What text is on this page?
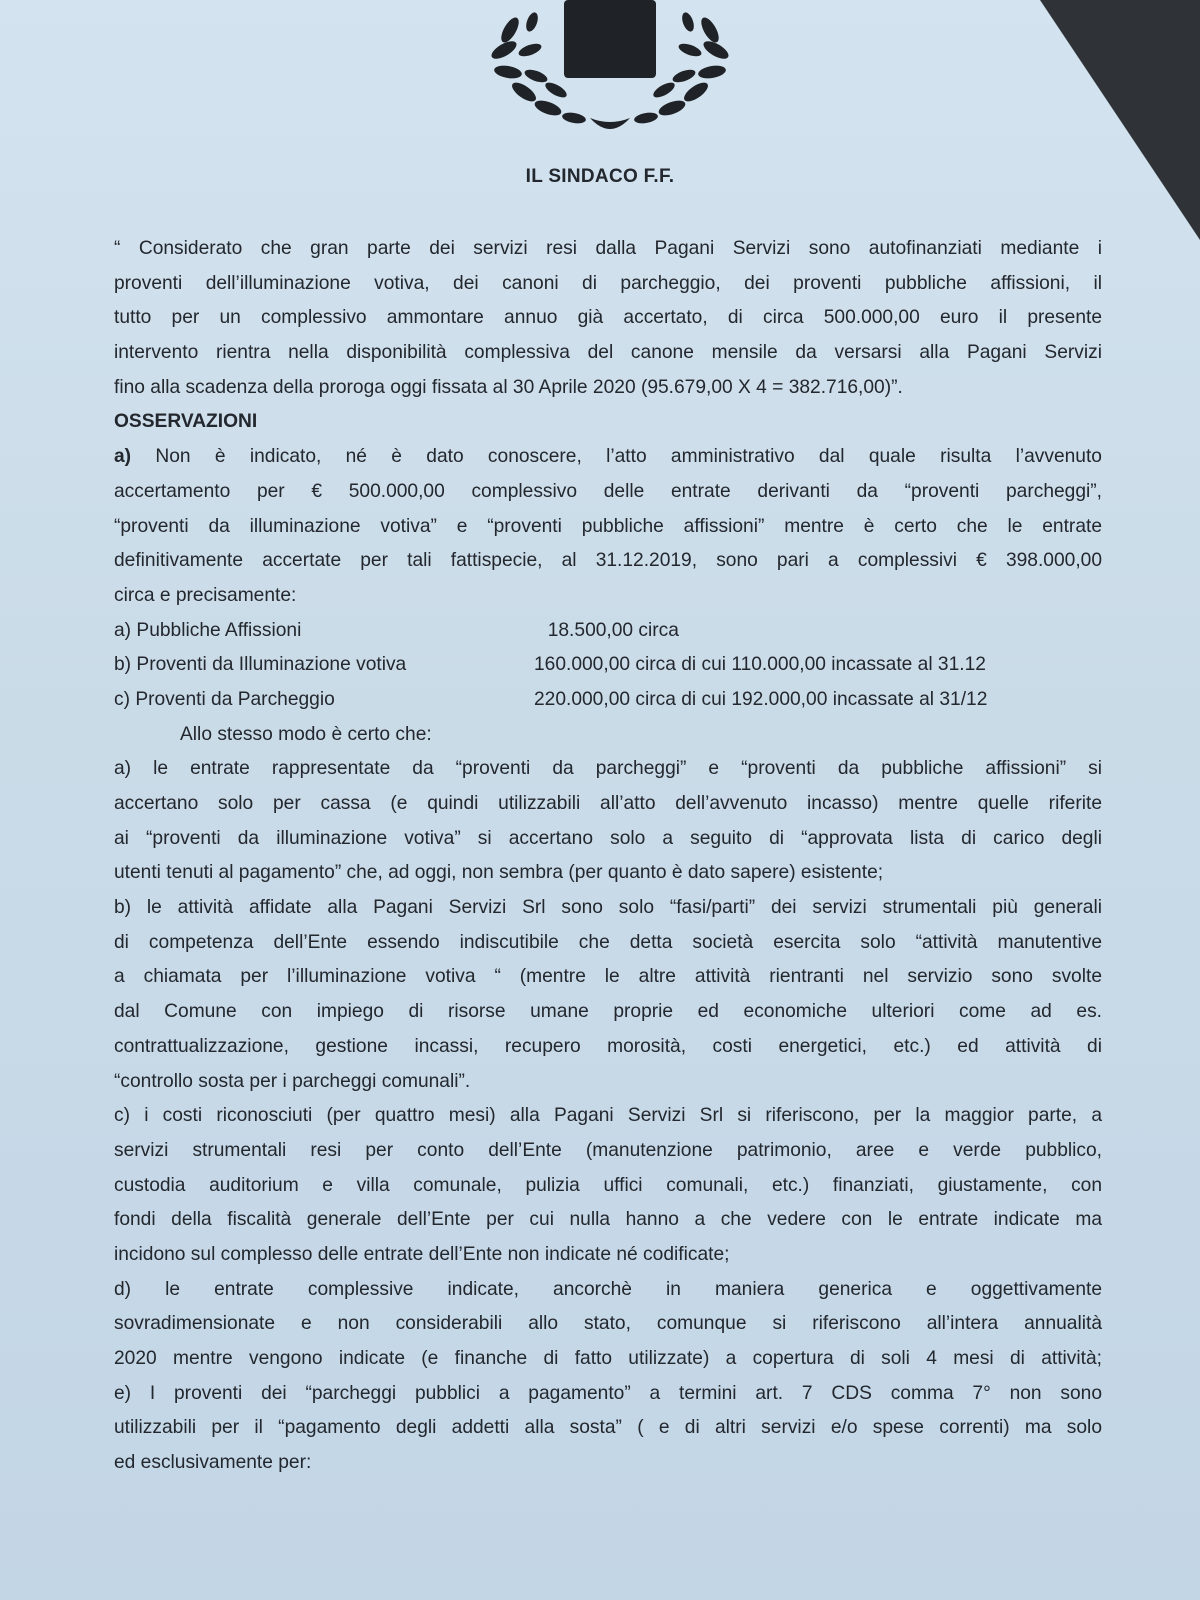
IL SINDACO F.F.
“ Considerato che gran parte dei servizi resi dalla Pagani Servizi sono autofinanziati mediante i
proventi dell’illuminazione votiva, dei canoni di parcheggio, dei proventi pubbliche affissioni, il
tutto per un complessivo ammontare annuo già accertato, di circa 500.000,00 euro il presente
intervento rientra nella disponibilità complessiva del canone mensile da versarsi alla Pagani Servizi
fino alla scadenza della proroga oggi fissata al 30 Aprile 2020 (95.679,00 X 4 = 382.716,00)”.
OSSERVAZIONI
a) Non è indicato, né è dato conoscere, l’atto amministrativo dal quale risulta l’avvenuto
accertamento per € 500.000,00 complessivo delle entrate derivanti da “proventi parcheggi”,
“proventi da illuminazione votiva” e “proventi pubbliche affissioni” mentre è certo che le entrate
definitivamente accertate per tali fattispecie, al 31.12.2019, sono pari a complessivi € 398.000,00
circa e precisamente:
a) Pubbliche Affissioni	18.500,00 circa
b) Proventi da Illuminazione votiva	160.000,00 circa di cui 110.000,00 incassate al 31.12
c) Proventi da Parcheggio	220.000,00 circa di cui 192.000,00 incassate al 31/12
Allo stesso modo è certo che:
a) le entrate rappresentate da “proventi da parcheggi” e “proventi da pubbliche affissioni” si
accertano solo per cassa (e quindi utilizzabili all’atto dell’avvenuto incasso) mentre quelle riferite
ai “proventi da illuminazione votiva” si accertano solo a seguito di “approvata lista di carico degli
utenti tenuti al pagamento” che, ad oggi, non sembra (per quanto è dato sapere) esistente;
b) le attività affidate alla Pagani Servizi Srl sono solo “fasi/parti” dei servizi strumentali più generali
di competenza dell’Ente essendo indiscutibile che detta società esercita solo “attività manutentive
a chiamata per l’illuminazione votiva “ (mentre le altre attività rientranti nel servizio sono svolte
dal Comune con impiego di risorse umane proprie ed economiche ulteriori come ad es.
contrattualizzazione, gestione incassi, recupero morosità, costi energetici, etc.) ed attività di
“controllo sosta per i parcheggi comunali”.
c) i costi riconosciuti (per quattro mesi) alla Pagani Servizi Srl si riferiscono, per la maggior parte, a
servizi strumentali resi per conto dell’Ente (manutenzione patrimonio, aree e verde pubblico,
custodia auditorium e villa comunale, pulizia uffici comunali, etc.) finanziati, giustamente, con
fondi della fiscalità generale dell’Ente per cui nulla hanno a che vedere con le entrate indicate ma
incidono sul complesso delle entrate dell’Ente non indicate né codificate;
d) le entrate complessive indicate, ancorchè in maniera generica e oggettivamente
sovradimensionate e non considerabili allo stato, comunque si riferiscono all’intera annualità
2020 mentre vengono indicate (e finanche di fatto utilizzate) a copertura di soli 4 mesi di attività;
e) I proventi dei “parcheggi pubblici a pagamento” a termini art. 7 CDS comma 7° non sono
utilizzabili per il “pagamento degli addetti alla sosta” ( e di altri servizi e/o spese correnti) ma solo
ed esclusivamente per:
